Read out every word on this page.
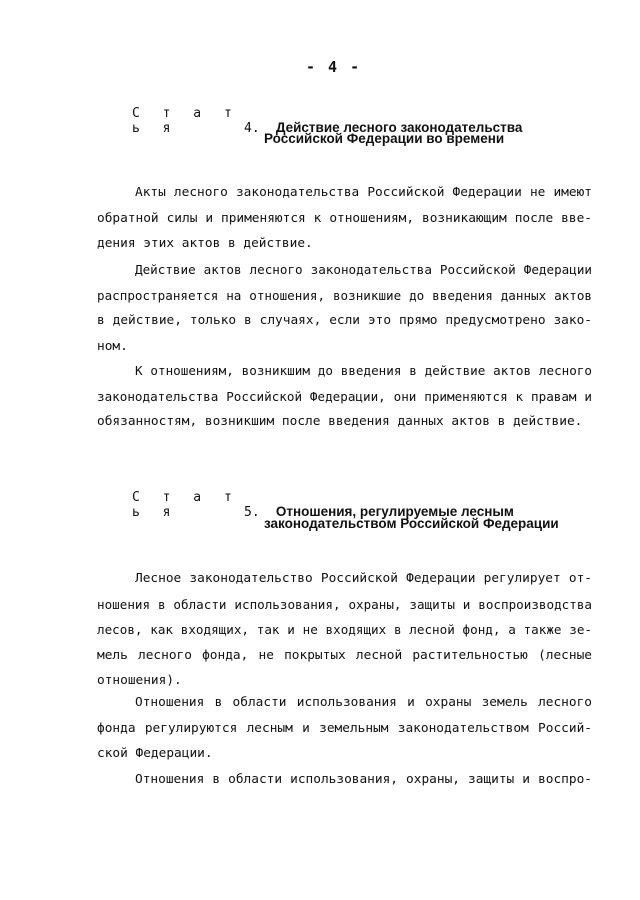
- 4 -
С т а т ь я	4. Действие лесного законодательства
Российской Федерации во времени
Акты лесного законодательства Российской Федерации не имеют
обратной силы и применяются к отношениям, возникающим после вве-
дения этих актов в действие.
Действие актов лесного законодательства Российской Федерации
распространяется на отношения, возникшие до введения данных актов
в действие, только в случаях, если это прямо предусмотрено зако-
ном.
К отношениям, возникшим до введения в действие актов лесного
законодательства Российской Федерации, они применяются к правам и
обязанностям, возникшим после введения данных актов в действие.
С т а т ь я	5. Отношения, регулируемые лесным
законодательством Российской Федерации
Лесное законодательство Российской Федерации регулирует от-
ношения в области использования, охраны, защиты и воспроизводства
лесов, как входящих, так и не входящих в лесной фонд, а также зе-
мель лесного фонда, не покрытых лесной растительностью (лесные
отношения).
Отношения в области использования и охраны земель лесного
фонда регулируются лесным и земельным законодательством Россий-
ской Федерации.
Отношения в области использования, охраны, защиты и воспро-
